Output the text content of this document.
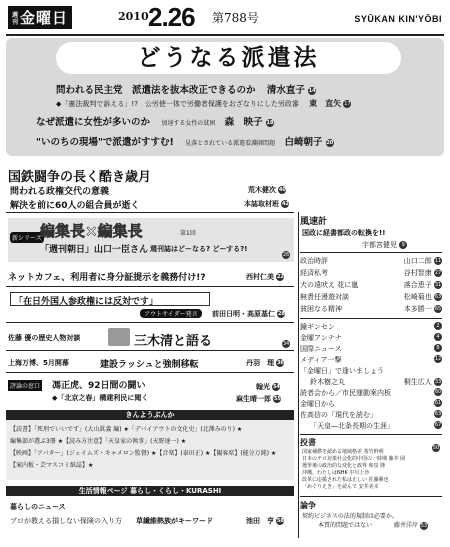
週刊金曜日	2010 2.26 第788号	SYŪKAN KIN'YŌBI
どうなる派遣法
問われる民主党　派遣法を抜本改正できるのか 清水直子 14
◆「憲法裁判で訴える」!?　公労使一体で労働者保護をおざなりにした労政審 東　直矢 17
なぜ派遣に女性が多いのか 加速する女性の貧困 森　映子 18
"いのちの現場"で派遣がすすむ! 見落とされている派遣看護師問題 白崎朝子 20
国鉄闘争の長く酷き歳月
問われる政権交代の意義	荒木健次 40
解決を前に60人の組合員が逝く	本誌取材班 42
新シリーズ
編集長×編集長	第1回
「週刊朝日」山口一臣さん 週刊誌はどーなる? どーする?!
26
ネットカフェ、利用者に身分証提示を義務付け!?	西村仁美 22
「在日外国人参政権には反対です」
アウトサイダー発言	前田日明・高原基仁 28
佐藤 優の歴史人物対談	三木清と語る	34
上海万博、5月開幕	建設ラッシュと強制移転	丹羽　理 36
評論の窓口 馮正虎、92日間の闘い	翰光 54
◆「北京之春」構建利民に聞く	麻生晴一郎 55
きんようぶんか
【読書】「死刑でいいです」(大山眞義 編) ★「デバイアウトの文化史」(北澤みのり) ★
編集部が選ぶ3冊 ★【読み方注意】「天皇家の執事」(天野達一) ★
【映画】「アバター」(ジェイムズ・キャメロン監督) ★【音楽】(泰田正) ★【観客席】(能分万純) ★
【案内板・芸マスコミ紙誌】★
生活情報ページ 暮らし・くらし・KURASHI
暮らしのニュース
プロが教える損しない保険の入り方 草繊維熱族がキーワード	池田　亨 58
風速計
国政に経書都政の転換を!!
宇都宮健児 9
政治時評	山口二郎 11
経済私考	谷村智康 27
犬の遠吠え 花に嵐	落合恵子 31
無責任漫遊対談	松崎菊也 63
貧困なる精神	本多勝一 65
鐘ギンセン	2
金曜アンテナ	4
国際ニュース	8
メディア一撃	12
「金曜日」で逢いましょう
鈴木樹之丸	桐生広人 33
読者会から／市民運動案内板	60
金曜日から	61
佐高信の「現代を読む」	63
「天皇―北条長期の生涯」	67
投書
50
国家補償を認める地域格差 茶竹幹明
日本のテロ対策社会化的中国の一時期 藤井 岡
選挙後の政治的な変化と政界 和泉 隆
沖縄、わたしはNHK 中川上沙
改革に応援された私は正しい 佐藤勝也
「めぐりえき」を読んで 安井美幸
論争
契約ビジネスの法的規制は必要か。
本質的問題ではない	藤井洋岸 53
